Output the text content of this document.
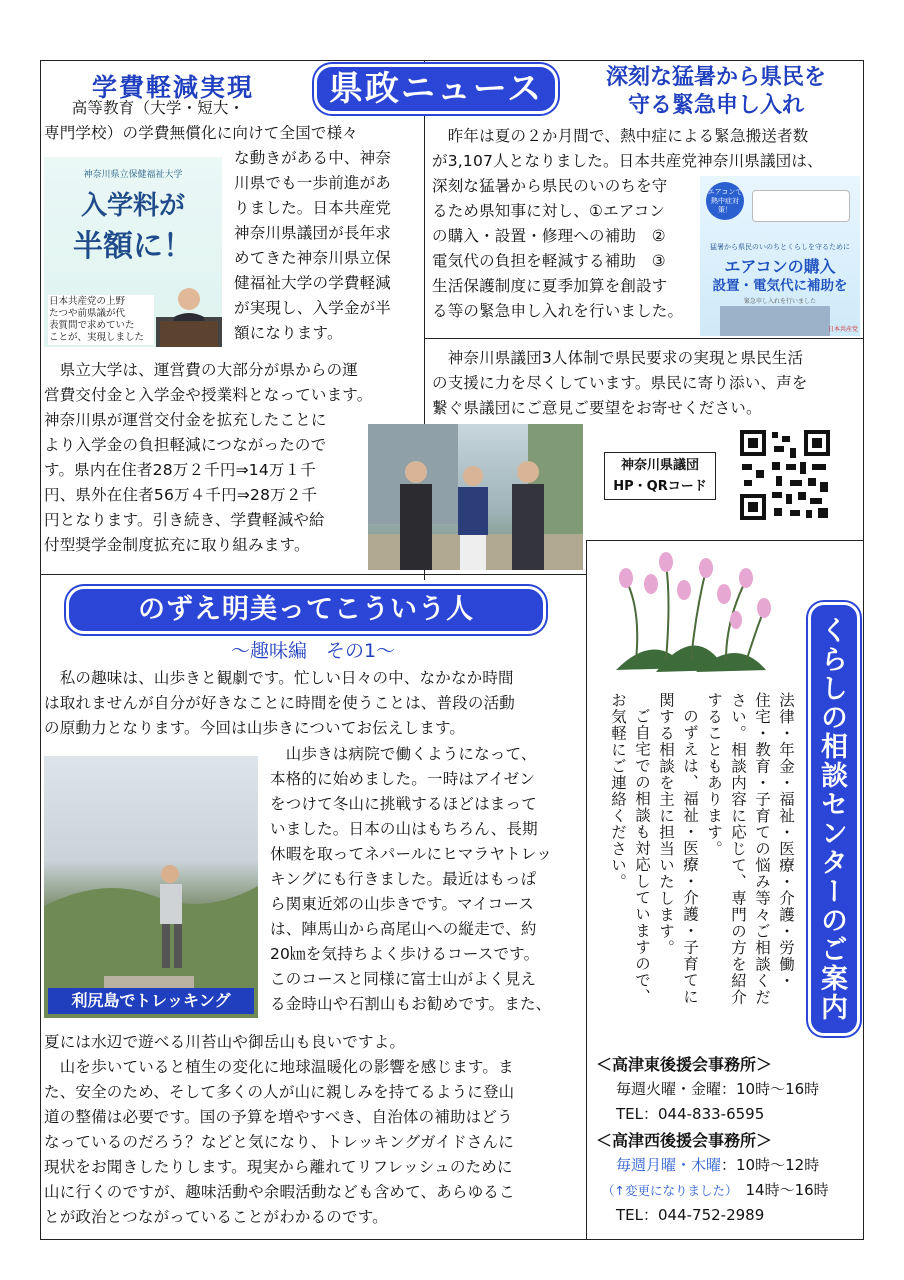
県政ニュース
学費軽減実現

　高等教育（大学・短大・

専門学校）の学費無償化に向けて全国で様々

な動きがある中、神奈

川県でも一歩前進があ

りました。日本共産党

神奈川県議団が長年求

めてきた神奈川県立保

健福祉大学の学費軽減

が実現し、入学金が半

額になります。

神奈川県立保健福祉大学
入学料が
半額に！
日本共産党の上野
たつや前県議が代
表質問で求めていた
ことが、実現しました

　県立大学は、運営費の大部分が県からの運

営費交付金と入学金や授業料となっています。

神奈川県が運営交付金を拡充したことに

より入学金の負担軽減につながったので

す。県内在住者28万２千円⇒14万１千

円、県外在住者56万４千円⇒28万２千

円となります。引き続き、学費軽減や給

付型奨学金制度拡充に取り組みます。

深刻な猛暑から県民を
守る緊急申し入れ

　昨年は夏の２か月間で、熱中症による緊急搬送者数

が3,107人となりました。日本共産党神奈川県議団は、

深刻な猛暑から県民のいのちを守

るため県知事に対し、①エアコン

の購入・設置・修理への補助　②

電気代の負担を軽減する補助　③

生活保護制度に夏季加算を創設す

る等の緊急申し入れを行いました。

エアコンで熱中症対策！
猛暑から県民のいのちとくらしを守るために
エアコンの購入
設置・電気代に補助を
緊急申し入れを行いました
日本共産党

　神奈川県議団3人体制で県民要求の実現と県民生活

の支援に力を尽くしています。県民に寄り添い、声を

繋ぐ県議団にご意見ご要望をお寄せください。

神奈川県議団
HP・QRコード
のずえ明美ってこういう人
～趣味編　その1～

　私の趣味は、山歩きと観劇です。忙しい日々の中、なかなか時間

は取れませんが自分が好きなことに時間を使うことは、普段の活動

の原動力となります。今回は山歩きについてお伝えします。

利尻島でトレッキング

　山歩きは病院で働くようになって、

本格的に始めました。一時はアイゼン

をつけて冬山に挑戦するほどはまって

いました。日本の山はもちろん、長期

休暇を取ってネパールにヒマラヤトレッ

キングにも行きました。最近はもっぱ

ら関東近郊の山歩きです。マイコース

は、陣馬山から高尾山への縦走で、約

20㎞を気持ちよく歩けるコースです。

このコースと同様に富士山がよく見え

る金時山や石割山もお勧めです。また、

夏には水辺で遊べる川苔山や御岳山も良いですよ。

　山を歩いていると植生の変化に地球温暖化の影響を感じます。ま

た、安全のため、そして多くの人が山に親しみを持てるように登山

道の整備は必要です。国の予算を増やすべき、自治体の補助はどう

なっているのだろう？などと気になり、トレッキングガイドさんに

現状をお聞きしたりします。現実から離れてリフレッシュのために

山に行くのですが、趣味活動や余暇活動なども含めて、あらゆるこ

とが政治とつながっていることがわかるのです。

くらしの相談センターのご案内
法律・年金・福祉・医療・介護・労働・
住宅・教育・子育ての悩み等々ご相談くだ
さい。相談内容に応じて、専門の方を紹介
することもあります。
のずえは、福祉・医療・介護・子育てに
関する相談を主に担当いたします。
ご自宅での相談も対応していますので、
お気軽にご連絡ください。
＜高津東後援会事務所＞
毎週火曜・金曜：10時～16時
TEL：044-833-6595
＜高津西後援会事務所＞
毎週月曜・木曜：10時～12時
（↑変更になりました） 14時～16時
TEL：044-752-2989
